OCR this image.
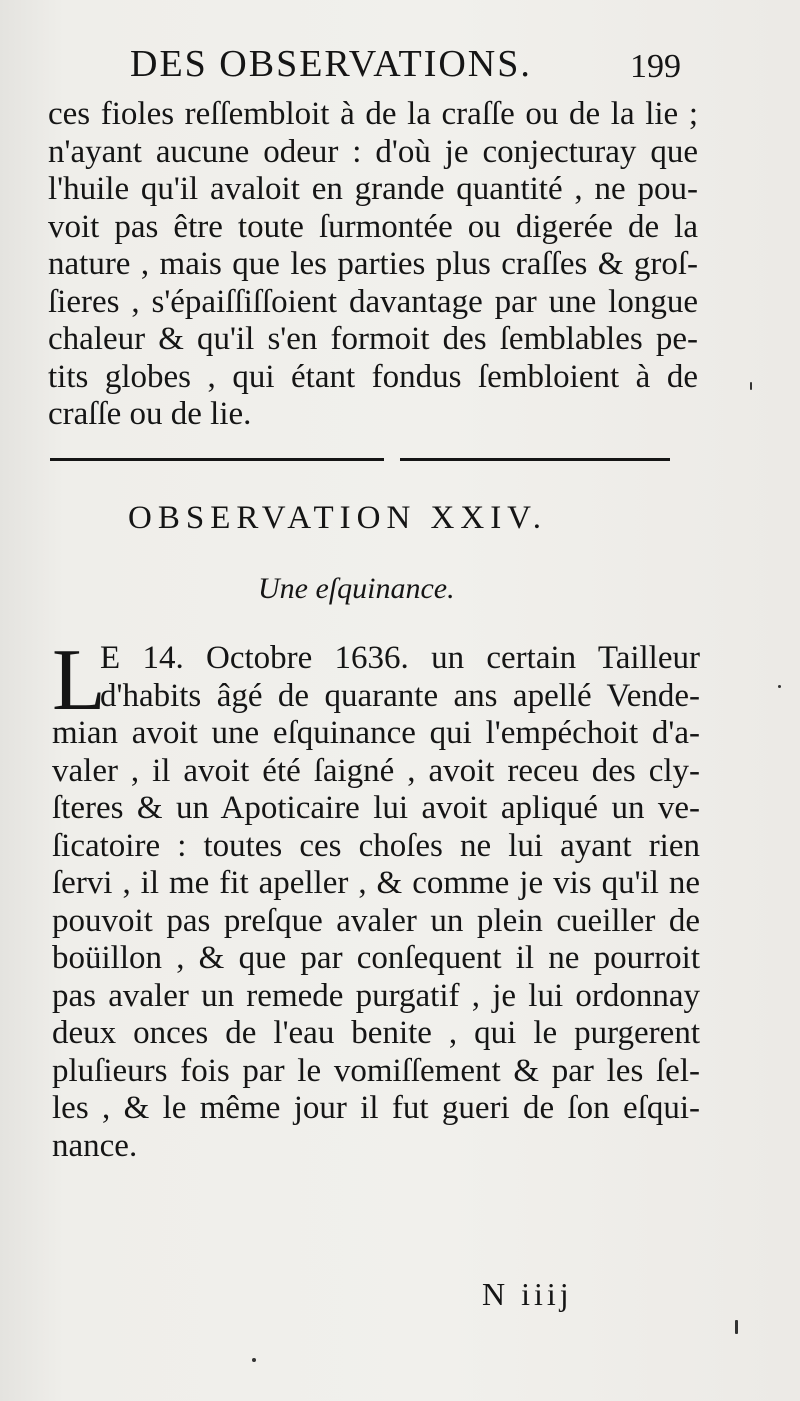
DES OBSERVATIONS.	199
ces fioles reſſembloit à de la craſſe ou de la lie ;
n'ayant aucune odeur : d'où je conjecturay que
l'huile qu'il avaloit en grande quantité , ne pou-
voit pas être toute ſurmontée ou digerée de la
nature , mais que les parties plus craſſes & groſ-
ſieres , s'épaiſſiſſoient davantage par une longue
chaleur & qu'il s'en formoit des ſemblables pe-
tits globes , qui étant fondus ſembloient à de
craſſe ou de lie.
OBSERVATION XXIV.
Une eſquinance.
L
E 14. Octobre 1636. un certain Tailleur
d'habits âgé de quarante ans apellé Vende-
mian avoit une eſquinance qui l'empéchoit d'a-
valer , il avoit été ſaigné , avoit receu des cly-
ſteres & un Apoticaire lui avoit apliqué un ve-
ſicatoire : toutes ces choſes ne lui ayant rien
ſervi , il me fit apeller , & comme je vis qu'il ne
pouvoit pas preſque avaler un plein cueiller de
boüillon , & que par conſequent il ne pourroit
pas avaler un remede purgatif , je lui ordonnay
deux onces de l'eau benite , qui le purgerent
pluſieurs fois par le vomiſſement & par les ſel-
les , & le même jour il fut gueri de ſon eſqui-
nance.
N iiij
